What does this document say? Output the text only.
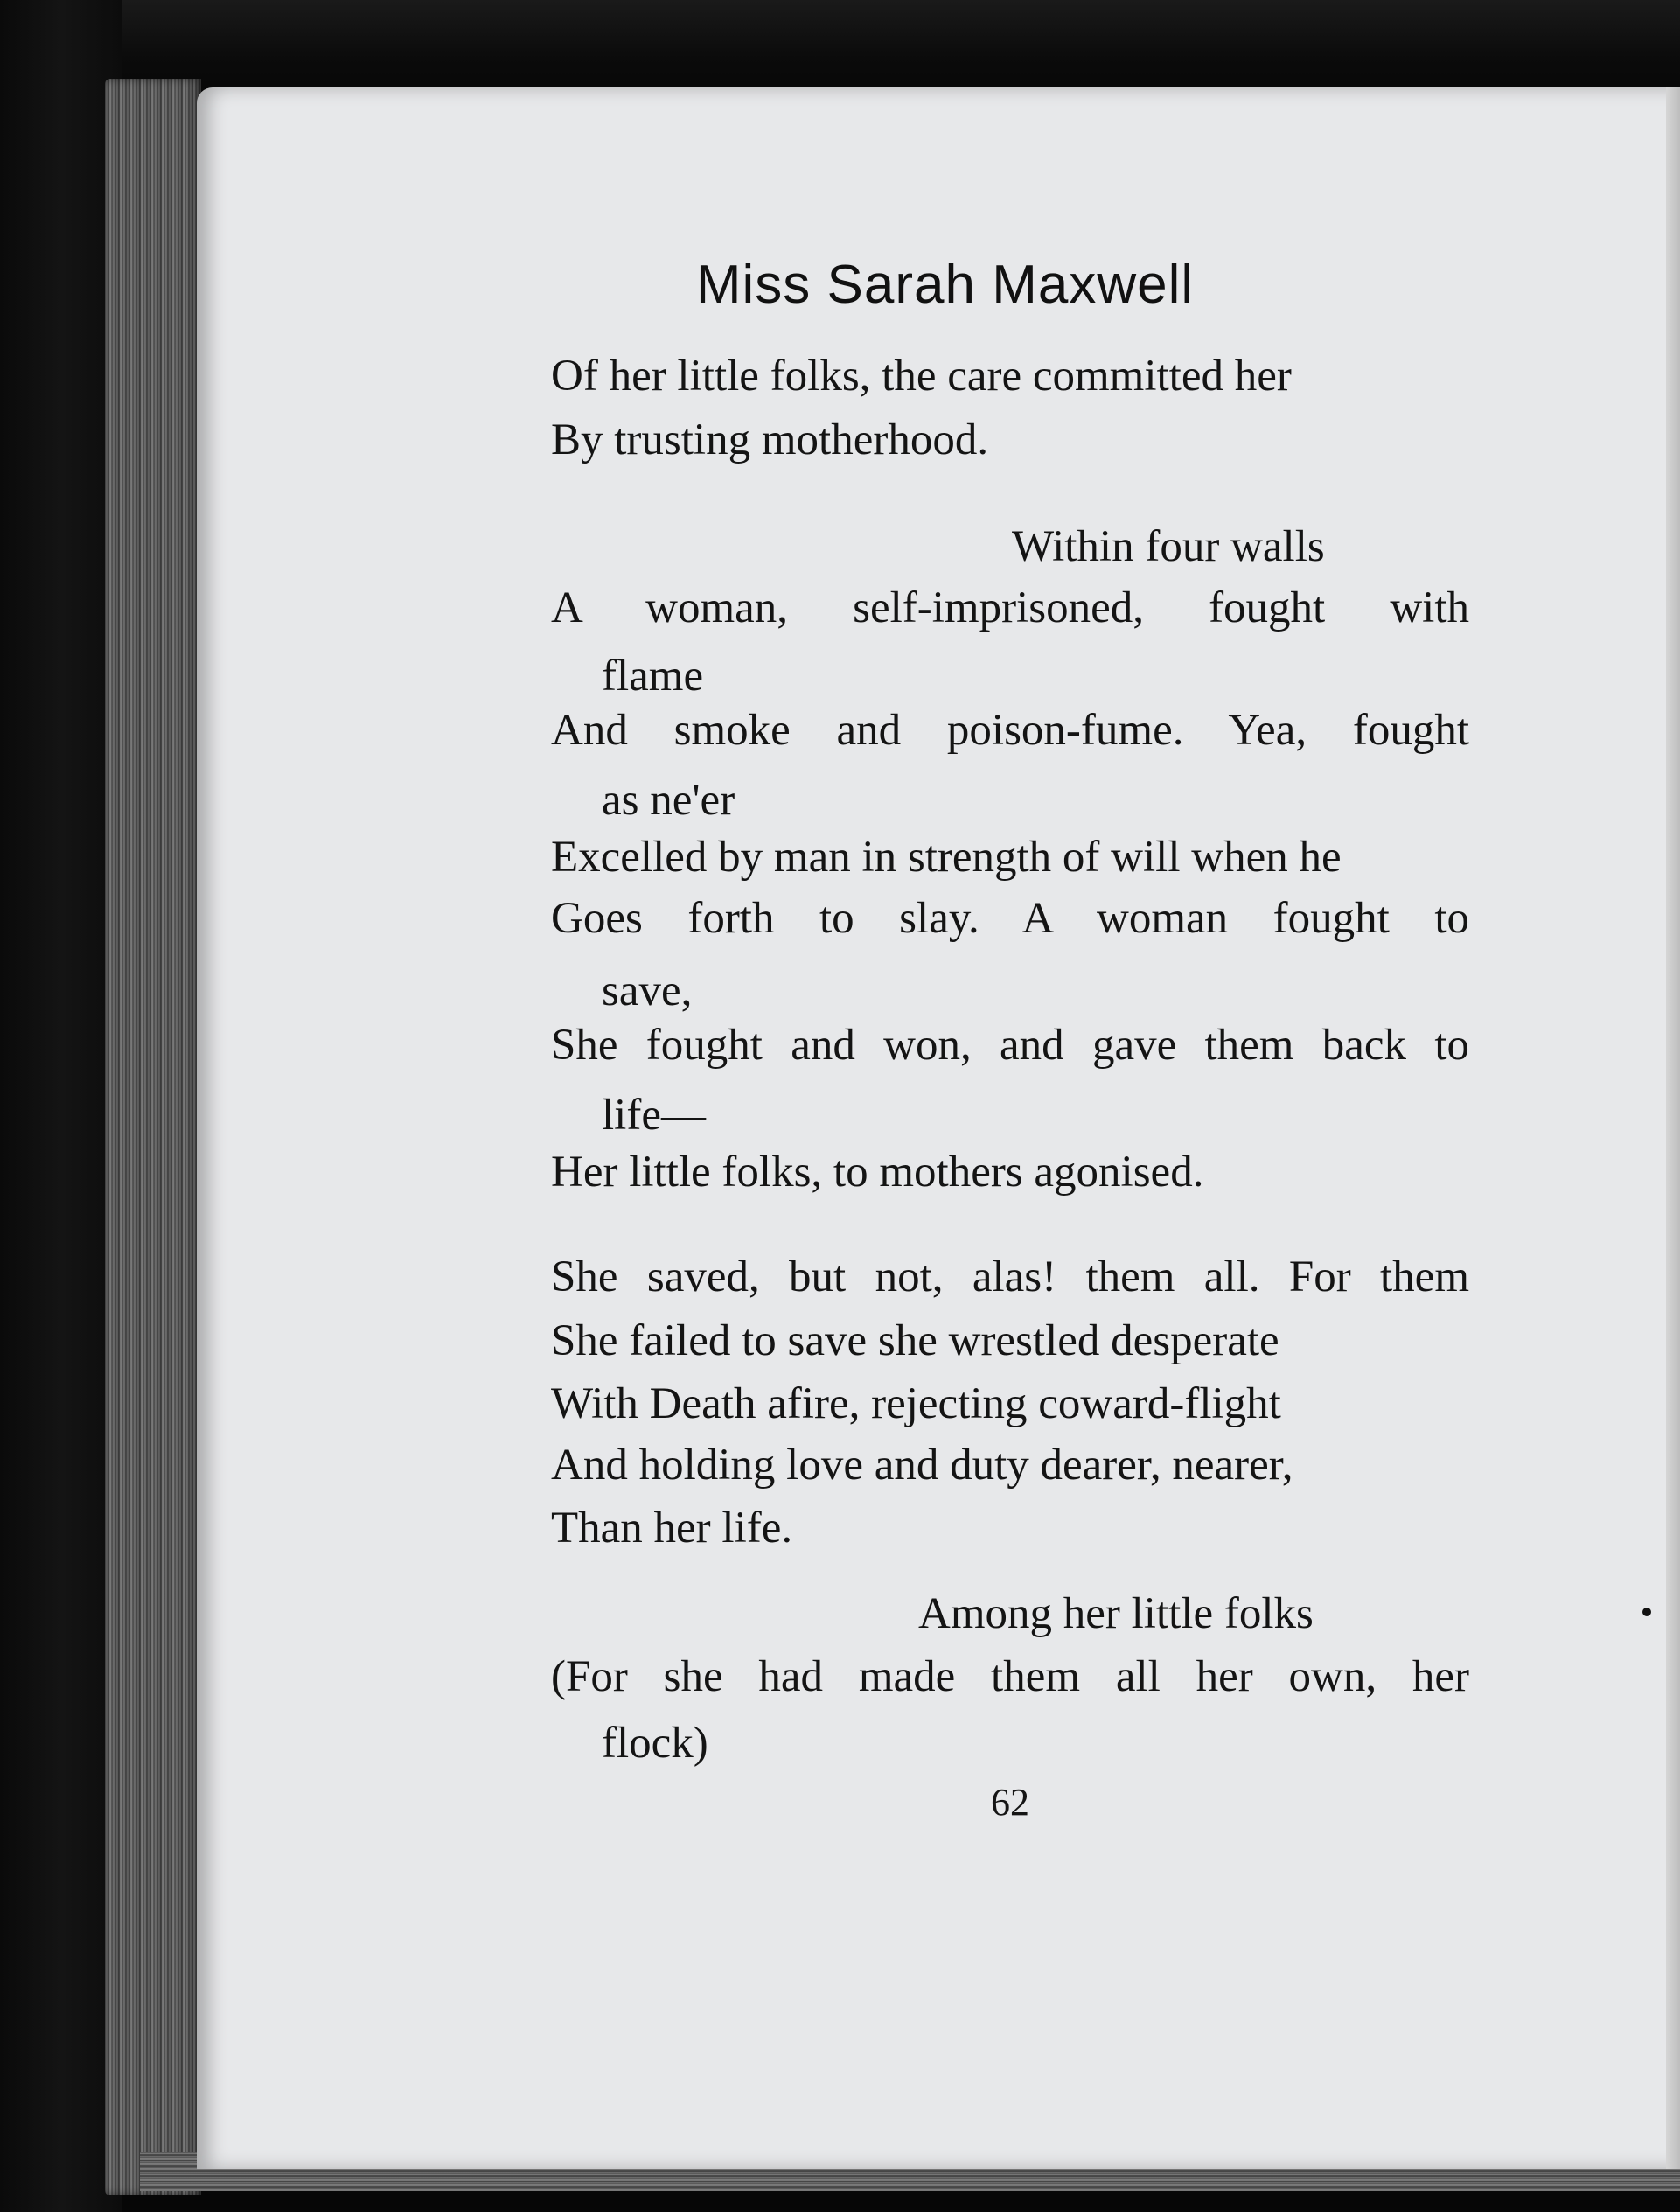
Miss Sarah Maxwell
Of her little folks, the care committed her
By trusting motherhood.
Within four walls
A woman, self-imprisoned, fought with
flame
And smoke and poison-fume. Yea, fought
as ne'er
Excelled by man in strength of will when he
Goes forth to slay. A woman fought to
save,
She fought and won, and gave them back to
life—
Her little folks, to mothers agonised.
She saved, but not, alas! them all. For them
She failed to save she wrestled desperate
With Death afire, rejecting coward-flight
And holding love and duty dearer, nearer,
Than her life.
Among her little folks
(For she had made them all her own, her
flock)
62
